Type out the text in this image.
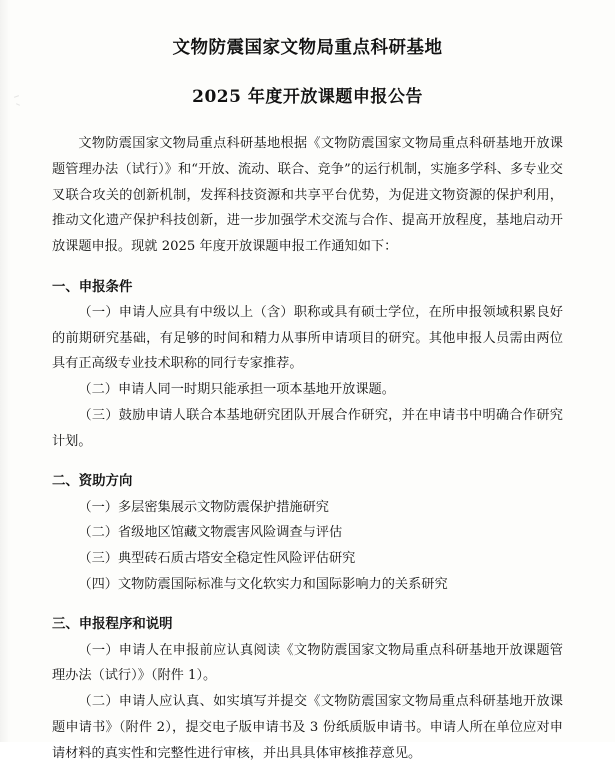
文物防震国家文物局重点科研基地
2025 年度开放课题申报公告

文物防震国家文物局重点科研基地根据《文物防震国家文物局重点科研基地开放课题管理办法（试行）》和“开放、流动、联合、竞争”的运行机制，实施多学科、多专业交叉联合攻关的创新机制，发挥科技资源和共享平台优势，为促进文物资源的保护利用，推动文化遗产保护科技创新，进一步加强学术交流与合作、提高开放程度，基地启动开放课题申报。现就 2025 年度开放课题申报工作通知如下：

一、申报条件

（一）申请人应具有中级以上（含）职称或具有硕士学位，在所申报领域积累良好的前期研究基础，有足够的时间和精力从事所申请项目的研究。其他申报人员需由两位具有正高级专业技术职称的同行专家推荐。

（二）申请人同一时期只能承担一项本基地开放课题。

（三）鼓励申请人联合本基地研究团队开展合作研究，并在申请书中明确合作研究计划。

二、资助方向

（一）多层密集展示文物防震保护措施研究

（二）省级地区馆藏文物震害风险调查与评估

（三）典型砖石质古塔安全稳定性风险评估研究

（四）文物防震国际标准与文化软实力和国际影响力的关系研究

三、申报程序和说明

（一）申请人在申报前应认真阅读《文物防震国家文物局重点科研基地开放课题管理办法（试行）》（附件 1）。

（二）申请人应认真、如实填写并提交《文物防震国家文物局重点科研基地开放课题申请书》（附件 2），提交电子版申请书及 3 份纸质版申请书。申请人所在单位应对申请材料的真实性和完整性进行审核，并出具具体审核推荐意见。
